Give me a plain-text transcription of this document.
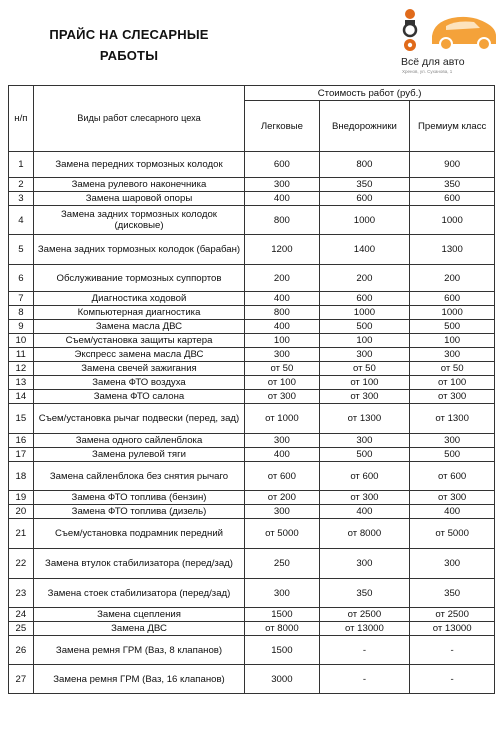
ПРАЙС НА СЛЕСАРНЫЕ
РАБОТЫ	Всё для авто
Хренов, ул. Суханова, 1
н/п	Виды работ слесарного цеха	Стоимость работ (руб.)		
		Легковые	Внедорожники	Премиум класс
1	Замена передних тормозных колодок	600	800	900
2	Замена рулевого наконечника	300	350	350
3	Замена шаровой опоры	400	600	600
4	Замена задних тормозных колодок (дисковые)	800	1000	1000
5	Замена задних тормозных колодок (барабан)	1200	1400	1300
6	Обслуживание тормозных суппортов	200	200	200
7	Диагностика ходовой	400	600	600
8	Компьютерная диагностика	800	1000	1000
9	Замена масла ДВС	400	500	500
10	Съем/установка защиты картера	100	100	100
11	Экспресс замена масла ДВС	300	300	300
12	Замена свечей зажигания	от 50	от 50	от 50
13	Замена ФТО воздуха	от 100	от 100	от 100
14	Замена ФТО салона	от 300	от 300	от 300
15	Съем/установка рычаг подвески (перед, зад)	от 1000	от 1300	от 1300
16	Замена одного сайленблока	300	300	300
17	Замена рулевой тяги	400	500	500
18	Замена сайленблока без снятия рычаго	от 600	от 600	от 600
19	Замена ФТО топлива (бензин)	от 200	от 300	от 300
20	Замена ФТО топлива (дизель)	300	400	400
21	Съем/установка подрамник передний	от 5000	от 8000	от 5000
22	Замена втулок стабилизатора (перед/зад)	250	300	300
23	Замена стоек стабилизатора (перед/зад)	300	350	350
24	Замена сцепления	1500	от 2500	от 2500
25	Замена ДВС	от 8000	от 13000	от 13000
26	Замена ремня ГРМ (Ваз, 8 клапанов)	1500	-	-
27	Замена ремня ГРМ (Ваз, 16 клапанов)	3000	-	-
